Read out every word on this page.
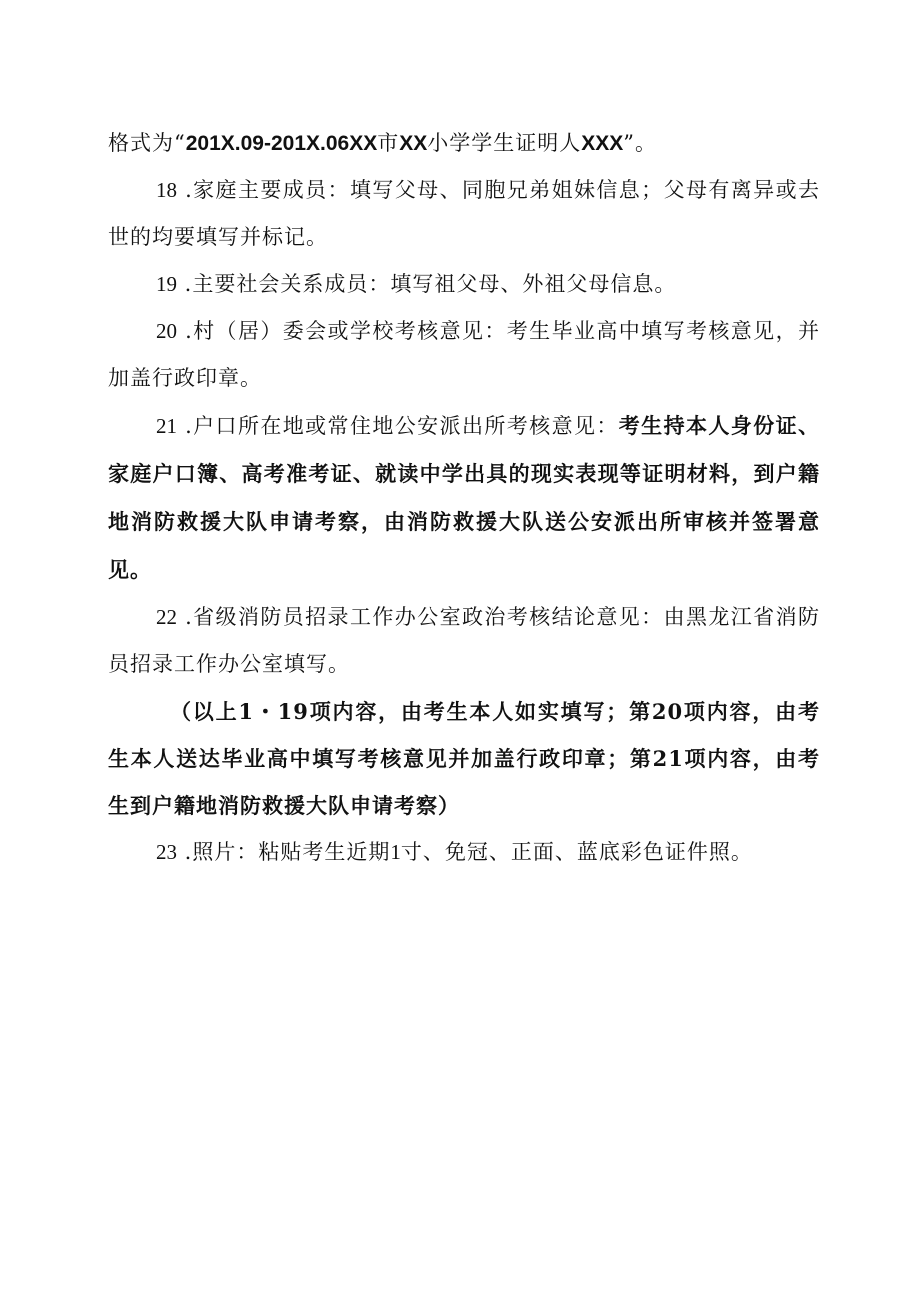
格式为“201X.09-201X.06XX市XX小学学生证明人XXX”。

18 .家庭主要成员：填写父母、同胞兄弟姐妹信息；父母有离异或去世的均要填写并标记。

19 .主要社会关系成员：填写祖父母、外祖父母信息。

20 .村（居）委会或学校考核意见：考生毕业高中填写考核意见，并加盖行政印章。

21 .户口所在地或常住地公安派出所考核意见：考生持本人身份证、家庭户口簿、高考准考证、就读中学出具的现实表现等证明材料，到户籍地消防救援大队申请考察，由消防救援大队送公安派出所审核并签署意见。

22 .省级消防员招录工作办公室政治考核结论意见：由黑龙江省消防员招录工作办公室填写。

（以上1・19项内容，由考生本人如实填写；第20项内容，由考生本人送达毕业高中填写考核意见并加盖行政印章；第21项内容，由考生到户籍地消防救援大队申请考察）

23 .照片：粘贴考生近期1寸、免冠、正面、蓝底彩色证件照。
